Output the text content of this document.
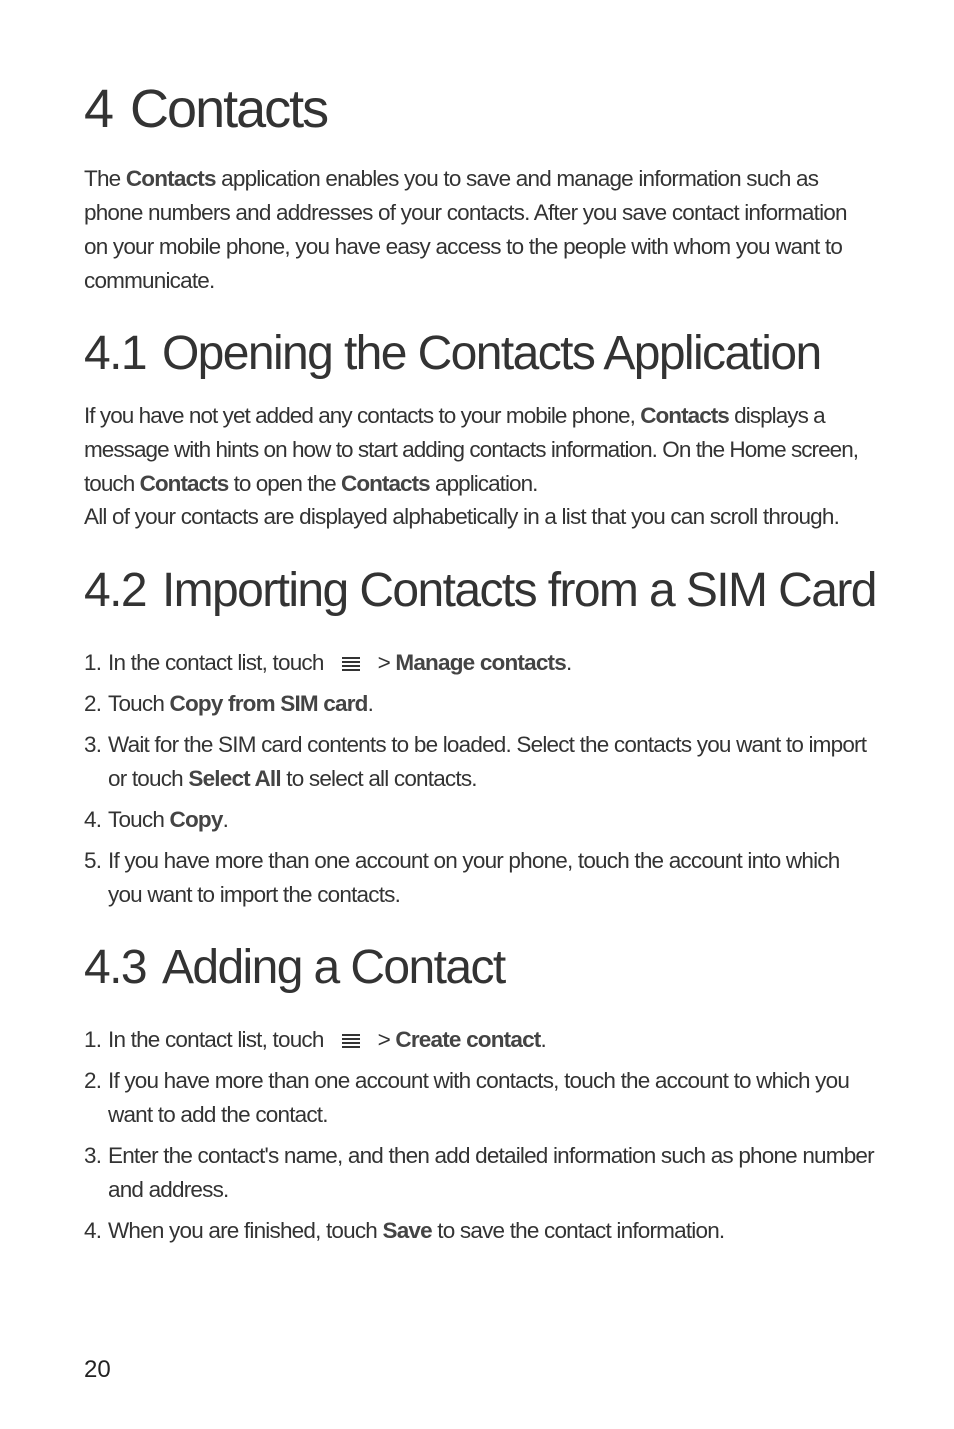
4 Contacts

The Contacts application enables you to save and manage information such as phone numbers and addresses of your contacts. After you save contact information on your mobile phone, you have easy access to the people with whom you want to communicate.

4.1 Opening the Contacts Application

If you have not yet added any contacts to your mobile phone, Contacts displays a message with hints on how to start adding contacts information. On the Home screen, touch Contacts to open the Contacts application.

All of your contacts are displayed alphabetically in a list that you can scroll through.

4.2 Importing Contacts from a SIM Card
1. In the contact list, touch > Manage contacts.
2. Touch Copy from SIM card.
3. Wait for the SIM card contents to be loaded. Select the contacts you want to import or touch Select All to select all contacts.
4. Touch Copy.
5. If you have more than one account on your phone, touch the account into which you want to import the contacts.
4.3 Adding a Contact
1. In the contact list, touch > Create contact.
2. If you have more than one account with contacts, touch the account to which you want to add the contact.
3. Enter the contact's name, and then add detailed information such as phone number and address.
4. When you are finished, touch Save to save the contact information.
20
